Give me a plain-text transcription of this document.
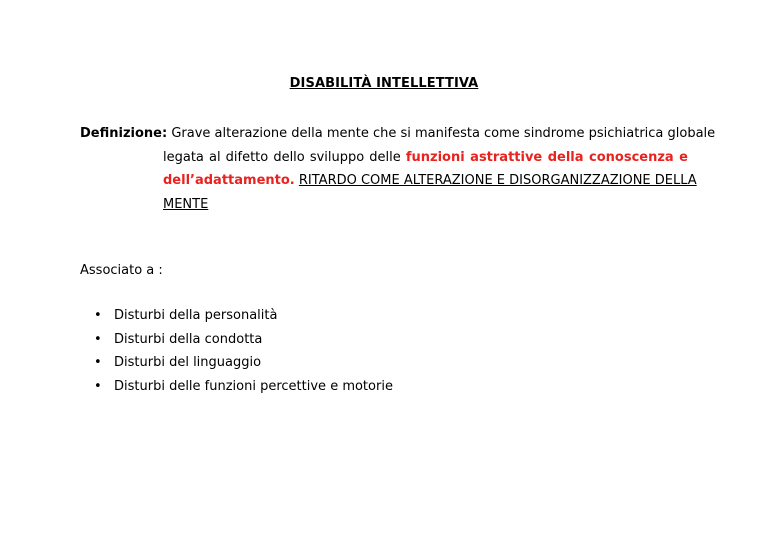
DISABILITÀ INTELLETTIVA
Definizione: Grave alterazione della mente che si manifesta come sindrome psichiatrica globale
legata al difetto dello sviluppo delle funzioni astrattive della conoscenza e
dell’adattamento. RITARDO COME ALTERAZIONE E DISORGANIZZAZIONE DELLA
MENTE
Associato a :
• Disturbi della personalità
• Disturbi della condotta
• Disturbi del linguaggio
• Disturbi delle funzioni percettive e motorie
